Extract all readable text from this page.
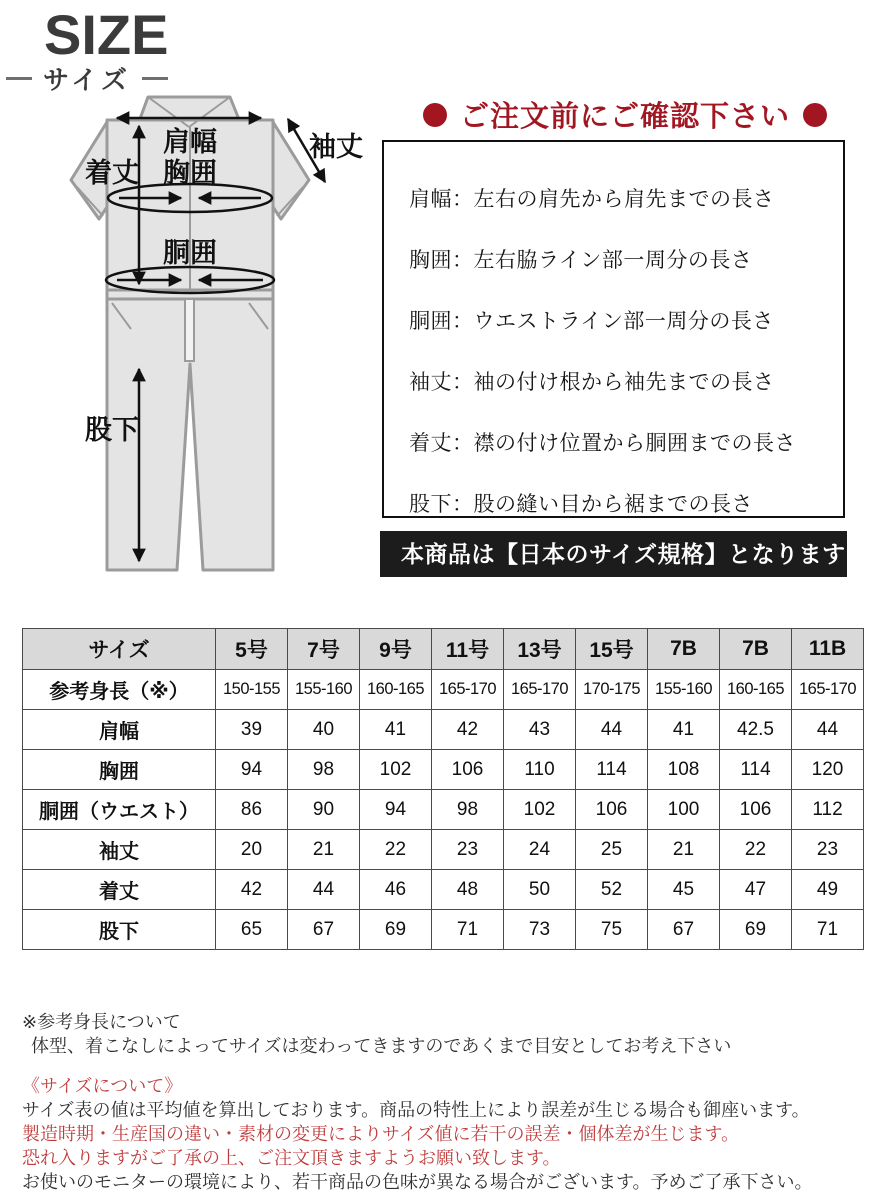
SIZE
サイズ
肩幅
胸囲
着丈
袖丈
胴囲
股下
ご注文前にご確認下さい
肩幅：左右の肩先から肩先までの長さ
胸囲：左右脇ライン部一周分の長さ
胴囲：ウエストライン部一周分の長さ
袖丈：袖の付け根から袖先までの長さ
着丈：襟の付け位置から胴囲までの長さ
股下：股の縫い目から裾までの長さ
本商品は【日本のサイズ規格】となります
サイズ	5号	7号	9号	11号	13号	15号	7B	7B	11B
参考身長（※）	150-155	155-160	160-165	165-170	165-170	170-175	155-160	160-165	165-170
肩幅	39	40	41	42	43	44	41	42.5	44
胸囲	94	98	102	106	110	114	108	114	120
胴囲（ウエスト）	86	90	94	98	102	106	100	106	112
袖丈	20	21	22	23	24	25	21	22	23
着丈	42	44	46	48	50	52	45	47	49
股下	65	67	69	71	73	75	67	69	71
※参考身長について
体型、着こなしによってサイズは変わってきますのであくまで目安としてお考え下さい
《サイズについて》
サイズ表の値は平均値を算出しております。商品の特性上により誤差が生じる場合も御座います。
製造時期・生産国の違い・素材の変更によりサイズ値に若干の誤差・個体差が生じます。
恐れ入りますがご了承の上、ご注文頂きますようお願い致します。
お使いのモニターの環境により、若干商品の色味が異なる場合がございます。予めご了承下さい。
